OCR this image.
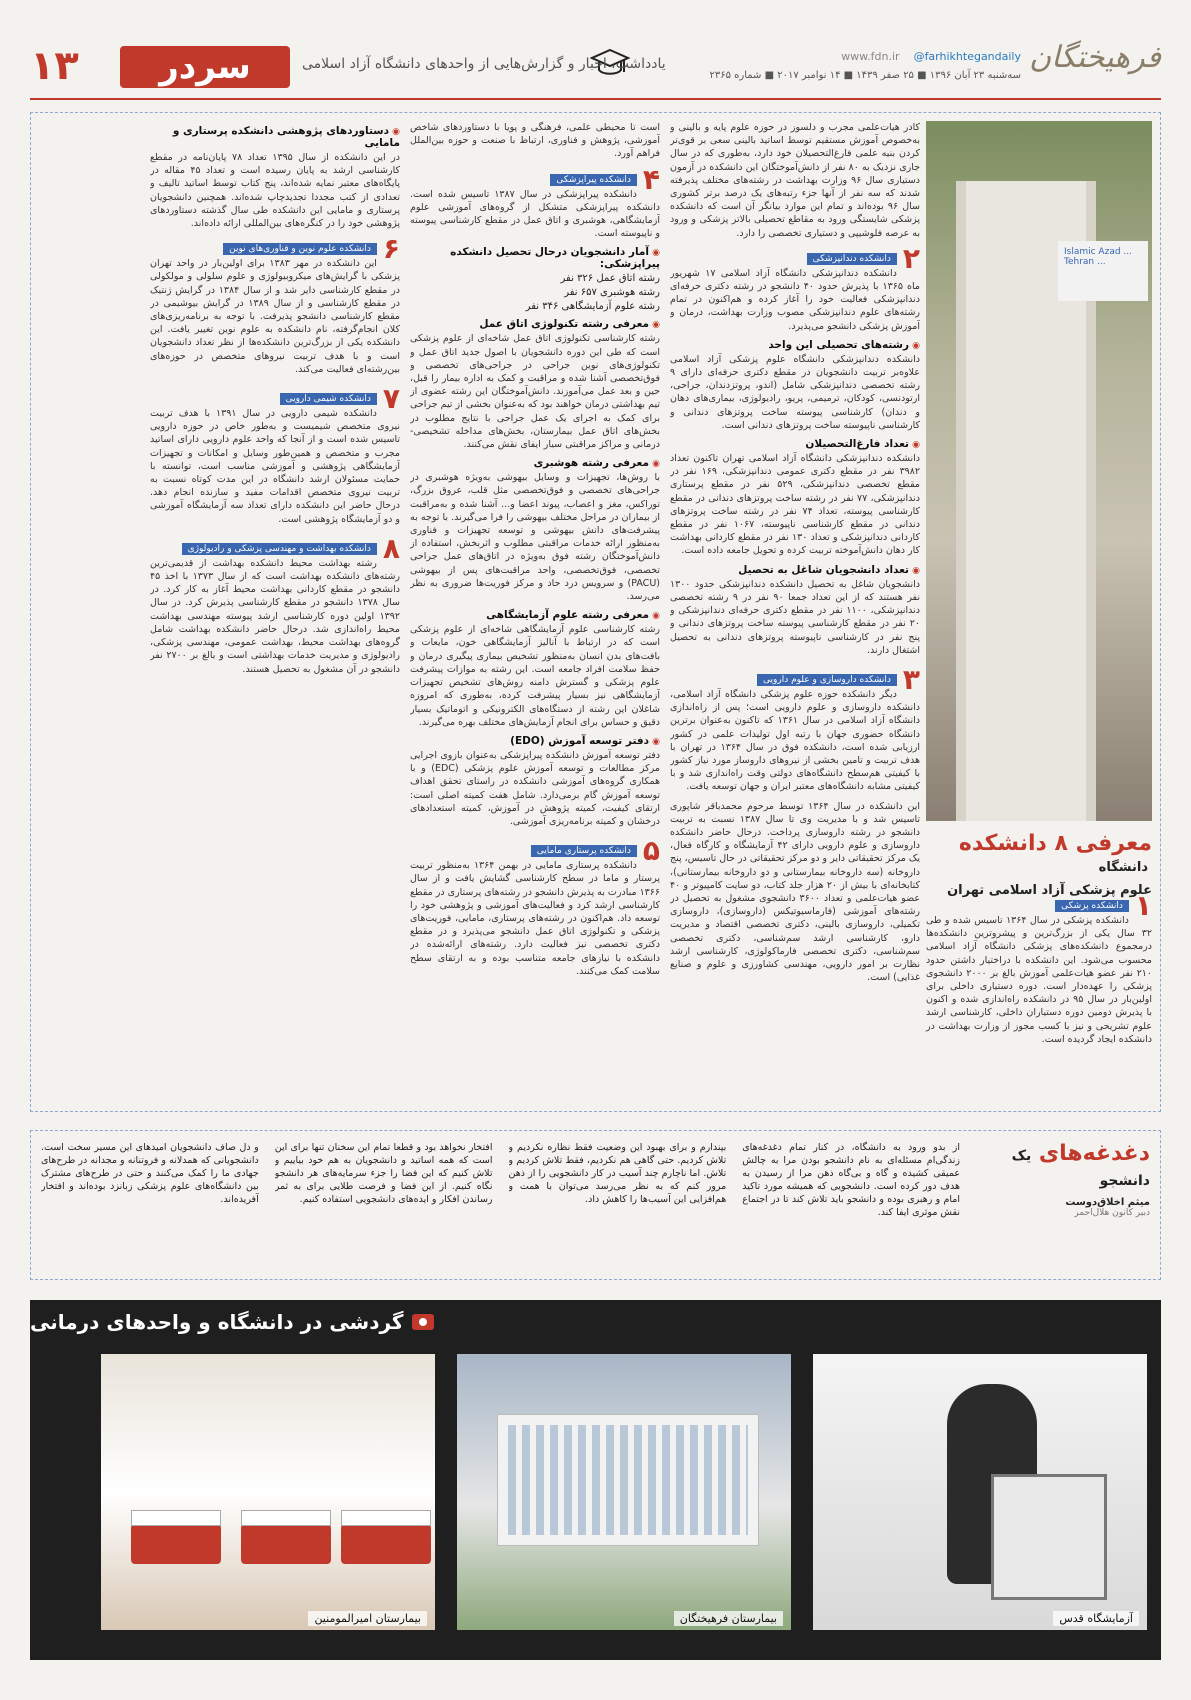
فرهیختگان
www.fdn.ir @farhikhtegandaily
سه‌شنبه ۲۳ آبان ۱۳۹۶ ■ ۲۵ صفر ۱۴۳۹ ■ ۱۴ نوامبر ۲۰۱۷ ■ شماره ۲۳۶۵
یادداشت، اخبار و گزارش‌هایی از واحدهای دانشگاه آزاد اسلامی
سردر
۱۳
Islamic Azad ... Tehran ...
معرفی ۸ دانشکده دانشگاه
علوم پزشکی آزاد اسلامی تهران
۱
دانشکده پزشکی

دانشکده پزشکی در سال ۱۳۶۴ تاسیس شده و طی ۳۲ سال یکی از بزرگ‌ترین و پیشروترین دانشکده‌ها درمجموع دانشکده‌های پزشکی دانشگاه آزاد اسلامی محسوب می‌شود. این دانشکده با دراختیار داشتن حدود ۲۱۰ نفر عضو هیات‌علمی آموزش بالغ بر ۲۰۰۰ دانشجوی پزشکی را عهده‌دار است. دوره دستیاری داخلی برای اولین‌بار در سال ۹۵ در دانشکده راه‌اندازی شده و اکنون با پذیرش دومین دوره دستیاران داخلی، کارشناسی ارشد علوم تشریحی و نیز با کسب مجوز از وزارت بهداشت در دانشکده ایجاد گردیده است.

کادر هیات‌علمی مجرب و دلسوز در حوزه علوم پایه و بالینی و به‌خصوص آموزش مستقیم توسط اساتید بالینی سعی بر قوی‌تر کردن بنیه علمی فارغ‌التحصیلان خود دارد، به‌طوری که در سال جاری نزدیک به ۸۰ نفر از دانش‌آموختگان این دانشکده در آزمون دستیاری سال ۹۶ وزارت بهداشت در رشته‌های مختلف پذیرفته شدند که سه نفر از آنها جزء رتبه‌های یک درصد برتر کشوری سال ۹۶ بوده‌اند و تمام این موارد بیانگر آن است که دانشکده پزشکی شایستگی ورود به مقاطع تحصیلی بالاتر پزشکی و ورود به عرصه فلوشیپی و دستیاری تخصصی را دارد.

۲
دانشکده دندانپزشکی

دانشکده دندانپزشکی دانشگاه آزاد اسلامی ۱۷ شهریور ماه ۱۳۶۵ با پذیرش حدود ۴۰ دانشجو در رشته دکتری حرفه‌ای دندانپزشکی فعالیت خود را آغاز کرده و هم‌اکنون در تمام رشته‌های علوم دندانپزشکی مصوب وزارت بهداشت، درمان و آموزش پزشکی دانشجو می‌پذیرد.

◉ رشته‌های تحصیلی این واحد

دانشکده دندانپزشکی دانشگاه علوم پزشکی آزاد اسلامی علاوه‌بر تربیت دانشجویان در مقطع دکتری حرفه‌ای دارای ۹ رشته تخصصی دندانپزشکی شامل (اندو، پروتزدندان، جراحی، ارتودنسی، کودکان، ترمیمی، پریو، رادیولوژی، بیماری‌های دهان و دندان) کارشناسی پیوسته ساخت پروتزهای دندانی و کارشناسی ناپیوسته ساخت پروتزهای دندانی است.

◉ تعداد فارغ‌التحصیلان

دانشکده دندانپزشکی دانشگاه آزاد اسلامی تهران تاکنون تعداد ۳۹۸۲ نفر در مقطع دکتری عمومی دندانپزشکی، ۱۶۹ نفر در مقطع تخصصی دندانپزشکی، ۵۲۹ نفر در مقطع پرستاری دندانپزشکی، ۷۷ نفر در رشته ساخت پروتزهای دندانی در مقطع کارشناسی پیوسته، تعداد ۷۴ نفر در رشته ساخت پروتزهای دندانی در مقطع کارشناسی ناپیوسته، ۱۰۶۷ نفر در مقطع کاردانی دندانپزشکی و تعداد ۱۳۰ نفر در مقطع کاردانی بهداشت کار دهان دانش‌آموخته تربیت کرده و تحویل جامعه داده است.

◉ تعداد دانشجویان شاغل به تحصیل

دانشجویان شاغل به تحصیل دانشکده دندانپزشکی حدود ۱۳۰۰ نفر هستند که از این تعداد جمعا ۹۰ نفر در ۹ رشته تخصصی دندانپزشکی، ۱۱۰۰ نفر در مقطع دکتری حرفه‌ای دندانپزشکی و ۲۰ نفر در مقطع کارشناسی پیوسته ساخت پروتزهای دندانی و پنج نفر در کارشناسی ناپیوسته پروتزهای دندانی به تحصیل اشتغال دارند.

۳
دانشکده داروسازی و علوم دارویی

دیگر دانشکده حوزه علوم پزشکی دانشگاه آزاد اسلامی، دانشکده داروسازی و علوم دارویی است؛ پس از راه‌اندازی دانشگاه آزاد اسلامی در سال ۱۳۶۱ که تاکنون به‌عنوان برترین دانشگاه حضوری جهان با رتبه اول تولیدات علمی در کشور ارزیابی شده است، دانشکده فوق در سال ۱۳۶۴ در تهران با هدف تربیت و تامین بخشی از نیروهای داروساز مورد نیاز کشور با کیفیتی هم‌سطح دانشگاه‌های دولتی وقت راه‌اندازی شد و با کیفیتی مشابه دانشگاه‌های معتبر ایران و جهان توسعه یافت.

این دانشکده در سال ۱۳۶۴ توسط مرحوم محمدباقر شاپوری تاسیس شد و با مدیریت وی تا سال ۱۳۸۷ نسبت به تربیت دانشجو در رشته داروسازی پرداخت. درحال حاضر دانشکده داروسازی و علوم دارویی دارای ۴۲ آزمایشگاه و کارگاه فعال، یک مرکز تحقیقاتی دایر و دو مرکز تحقیقاتی در حال تاسیس، پنج داروخانه (سه داروخانه بیمارستانی و دو داروخانه بیمارستانی)، کتابخانه‌ای با بیش از ۲۰ هزار جلد کتاب، دو سایت کامپیوتر و ۴۰ عضو هیات‌علمی و تعداد ۳۶۰۰ دانشجوی مشغول به تحصیل در رشته‌های آموزشی (فارماسیوتیکس (داروسازی)، داروسازی تکمیلی، داروسازی بالینی، دکتری تخصصی اقتصاد و مدیریت دارو، کارشناسی ارشد سم‌شناسی، دکتری تخصصی سم‌شناسی، دکتری تخصصی فارماکولوژی، کارشناسی ارشد نظارت بر امور دارویی، مهندسی کشاورزی و علوم و صنایع غذایی) است.

است تا محیطی علمی، فرهنگی و پویا با دستاوردهای شاخص آموزشی، پژوهش و فناوری، ارتباط با صنعت و حوزه بین‌الملل فراهم آورد.

۴
دانشکده پیراپزشکی

دانشکده پیراپزشکی در سال ۱۳۸۷ تاسیس شده است. دانشکده پیراپزشکی متشکل از گروه‌های آموزشی علوم آزمایشگاهی، هوشبری و اتاق عمل در مقطع کارشناسی پیوسته و ناپیوسته است.

◉ آمار دانشجویان درحال تحصیل دانشکده پیراپزشکی:

رشته اتاق عمل ۳۲۶ نفر

رشته هوشبری ۶۵۷ نفر

رشته علوم آزمایشگاهی ۳۴۶ نفر

◉ معرفی رشته تکنولوژی اتاق عمل

رشته کارشناسی تکنولوژی اتاق عمل شاخه‌ای از علوم پزشکی است که طی این دوره دانشجویان با اصول جدید اتاق عمل و تکنولوژی‌های نوین جراحی در جراحی‌های تخصصی و فوق‌تخصصی آشنا شده و مراقبت و کمک به اداره بیمار را قبل، حین و بعد عمل می‌آموزند. دانش‌آموختگان این رشته عضوی از تیم بهداشتی درمان خواهند بود که به‌عنوان بخشی از تیم جراحی برای کمک به اجرای یک عمل جراحی با نتایج مطلوب در بخش‌های اتاق عمل بیمارستان، بخش‌های مداخله تشخیصی-درمانی و مراکز مراقبتی سیار ایفای نقش می‌کنند.

◉ معرفی رشته هوشبری

با روش‌ها، تجهیزات و وسایل بیهوشی به‌ویژه هوشبری در جراحی‌های تخصصی و فوق‌تخصصی مثل قلب، عروق بزرگ، توراکس، مغز و اعصاب، پیوند اعضا و... آشنا شده و به‌مراقبت از بیماران در مراحل مختلف بیهوشی را فرا می‌گیرند. با توجه به پیشرفت‌های دانش بیهوشی و توسعه تجهیزات و فناوری به‌منظور ارائه خدمات مراقبتی مطلوب و اثربخش، استفاده از دانش‌آموختگان رشته فوق به‌ویژه در اتاق‌های عمل جراحی تخصصی، فوق‌تخصصی، واحد مراقبت‌های پس از بیهوشی (PACU) و سرویس درد حاد و مرکز فوریت‌ها ضروری به نظر می‌رسد.

◉ معرفی رشته علوم آزمایشگاهی

رشته کارشناسی علوم آزمایشگاهی شاخه‌ای از علوم پزشکی است که در ارتباط با آنالیز آزمایشگاهی خون، مایعات و بافت‌های بدن انسان به‌منظور تشخیص بیماری پیگیری درمان و حفظ سلامت افراد جامعه است. این رشته به موازات پیشرفت علوم پزشکی و گسترش دامنه روش‌های تشخیص تجهیزات آزمایشگاهی نیز بسیار پیشرفت کرده، به‌طوری که امروزه شاغلان این رشته از دستگاه‌های الکترونیکی و اتوماتیک بسیار دقیق و حساس برای انجام آزمایش‌های مختلف بهره می‌گیرند.

◉ دفتر توسعه آموزش (EDO)

دفتر توسعه آموزش دانشکده پیراپزشکی به‌عنوان بازوی اجرایی مرکز مطالعات و توسعه آموزش علوم پزشکی (EDC) و با همکاری گروه‌های آموزشی دانشکده در راستای تحقق اهداف توسعه آموزش گام برمی‌دارد. شامل هفت کمیته اصلی است: ارتقای کیفیت، کمیته پژوهش در آموزش، کمیته استعدادهای درخشان و کمیته برنامه‌ریزی آموزشی.

۵
دانشکده پرستاری مامایی

دانشکده پرستاری مامایی در بهمن ۱۳۶۴ به‌منظور تربیت پرستار و ماما در سطح کارشناسی گشایش یافت و از سال ۱۳۶۶ مبادرت به پذیرش دانشجو در رشته‌های پرستاری در مقطع کارشناسی ارشد کرد و فعالیت‌های آموزشی و پژوهشی خود را توسعه داد. هم‌اکنون در رشته‌های پرستاری، مامایی، فوریت‌های پزشکی و تکنولوژی اتاق عمل دانشجو می‌پذیرد و در مقطع دکتری تخصصی نیز فعالیت دارد. رشته‌های ارائه‌شده در دانشکده با نیازهای جامعه متناسب بوده و به ارتقای سطح سلامت کمک می‌کنند.

◉ دستاوردهای پژوهشی دانشکده پرستاری و مامایی

در این دانشکده از سال ۱۳۹۵ تعداد ۷۸ پایان‌نامه در مقطع کارشناسی ارشد به پایان رسیده است و تعداد ۴۵ مقاله در پایگاه‌های معتبر نمایه شده‌اند، پنج کتاب توسط اساتید تالیف و تعدادی از کتب مجددا تجدیدچاپ شده‌اند. همچنین دانشجویان پرستاری و مامایی این دانشکده طی سال گذشته دستاوردهای پژوهشی خود را در کنگره‌های بین‌المللی ارائه داده‌اند.

۶
دانشکده علوم نوین و فناوری‌های نوین

این دانشکده در مهر ۱۳۸۳ برای اولین‌بار در واحد تهران پزشکی با گرایش‌های میکروبیولوژی و علوم سلولی و مولکولی در مقطع کارشناسی دایر شد و از سال ۱۳۸۴ در گرایش ژنتیک در مقطع کارشناسی و از سال ۱۳۸۹ در گرایش بیوشیمی در مقطع کارشناسی دانشجو پذیرفت. با توجه به برنامه‌ریزی‌های کلان انجام‌گرفته، نام دانشکده به علوم نوین تغییر یافت. این دانشکده یکی از بزرگ‌ترین دانشکده‌ها از نظر تعداد دانشجویان است و با هدف تربیت نیروهای متخصص در حوزه‌های بین‌رشته‌ای فعالیت می‌کند.

۷
دانشکده شیمی دارویی

دانشکده شیمی دارویی در سال ۱۳۹۱ با هدف تربیت نیروی متخصص شیمیست و به‌طور خاص در حوزه دارویی تاسیس شده است و از آنجا که واحد علوم دارویی دارای اساتید مجرب و متخصص و همین‌طور وسایل و امکانات و تجهیزات آزمایشگاهی پژوهشی و آموزشی مناسب است، توانسته با حمایت مسئولان ارشد دانشگاه در این مدت کوتاه نسبت به تربیت نیروی متخصص اقدامات مفید و سازنده انجام دهد. درحال حاضر این دانشکده دارای تعداد سه آزمایشگاه آموزشی و دو آزمایشگاه پژوهشی است.

۸
دانشکده بهداشت و مهندسی پزشکی و رادیولوژی

رشته بهداشت محیط دانشکده بهداشت از قدیمی‌ترین رشته‌های دانشکده بهداشت است که از سال ۱۳۷۳ با اخذ ۴۵ دانشجو در مقطع کاردانی بهداشت محیط آغاز به کار کرد. در سال ۱۳۷۸ دانشجو در مقطع کارشناسی پذیرش کرد. در سال ۱۳۹۲ اولین دوره کارشناسی ارشد پیوسته مهندسی بهداشت محیط راه‌اندازی شد. درحال حاضر دانشکده بهداشت شامل گروه‌های بهداشت محیط، بهداشت عمومی، مهندسی پزشکی، رادیولوژی و مدیریت خدمات بهداشتی است و بالغ بر ۲۷۰۰ نفر دانشجو در آن مشغول به تحصیل هستند.

دغدغه‌های یک دانشجو
میثم اخلاق‌دوست
دبیر کانون هلال‌احمر

از بدو ورود به دانشگاه، در کنار تمام دغدغه‌های زندگی‌ام مسئله‌ای به نام دانشجو بودن مرا به چالش عمیقی کشیده و گاه و بی‌گاه ذهن مرا از رسیدن به هدف دور کرده است. دانشجویی که همیشه مورد تاکید امام و رهبری بوده و دانشجو باید تلاش کند تا در اجتماع نقش موثری ایفا کند.

بپندارم و برای بهبود این وضعیت فقط نظاره نکردیم و تلاش کردیم. حتی گاهی هم نکردیم، فقط تلاش کردیم و تلاش. اما ناچارم چند آسیب در کار دانشجویی را از ذهن مرور کنم که به نظر می‌رسد می‌توان با همت و هم‌افزایی این آسیب‌ها را کاهش داد.

افتخار نخواهد بود و قطعا تمام این سخنان تنها برای این است که همه اساتید و دانشجویان به هم خود بیاییم و تلاش کنیم که این فضا را جزء سرمایه‌های هر دانشجو نگاه کنیم. از این فضا و فرصت طلایی برای به ثمر رساندن افکار و ایده‌های دانشجویی استفاده کنیم.

و دل صاف دانشجویان امیدهای این مسیر سخت است. دانشجویانی که همدلانه و فروتنانه و مجدانه در طرح‌های جهادی ما را کمک می‌کنند و حتی در طرح‌های مشترک بین دانشگاه‌های علوم پزشکی زبانزد بوده‌اند و افتخار آفریده‌اند.

گردشی در دانشگاه و واحدهای درمانی
آزمایشگاه قدس
بیمارستان فرهیختگان
بیمارستان امیرالمومنین
